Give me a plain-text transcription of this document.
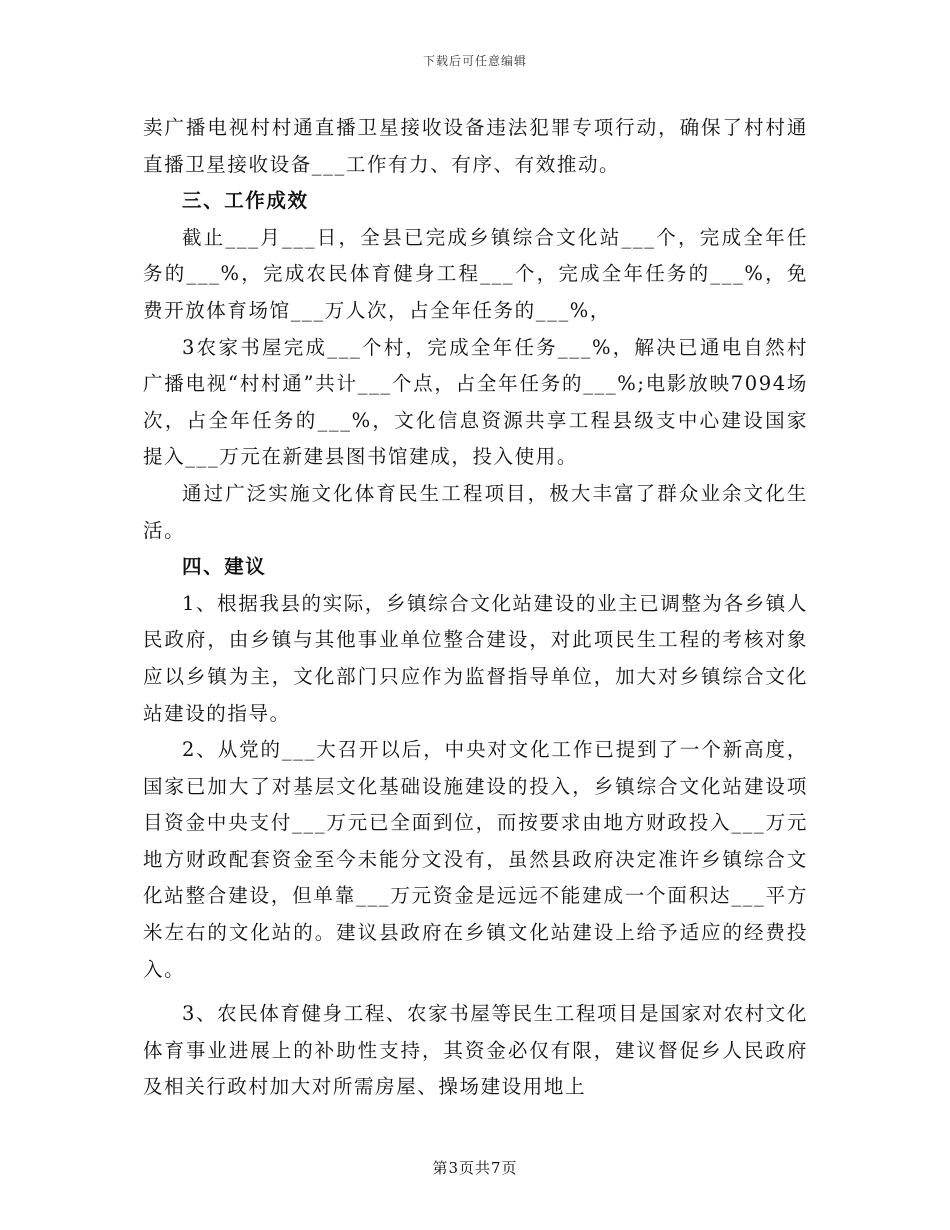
下载后可任意编辑

卖广播电视村村通直播卫星接收设备违法犯罪专项行动，确保了村村通直播卫星接收设备___工作有力、有序、有效推动。

三、工作成效

截止___月___日，全县已完成乡镇综合文化站___个，完成全年任务的___%，完成农民体育健身工程___个，完成全年任务的___%，免费开放体育场馆___万人次，占全年任务的___%，

3农家书屋完成___个村，完成全年任务___%，解决已通电自然村广播电视“村村通”共计___个点，占全年任务的___%;电影放映7094场次，占全年任务的___%，文化信息资源共享工程县级支中心建设国家提入___万元在新建县图书馆建成，投入使用。

通过广泛实施文化体育民生工程项目，极大丰富了群众业余文化生活。

四、建议

1、根据我县的实际，乡镇综合文化站建设的业主已调整为各乡镇人民政府，由乡镇与其他事业单位整合建设，对此项民生工程的考核对象应以乡镇为主，文化部门只应作为监督指导单位，加大对乡镇综合文化站建设的指导。

2、从党的___大召开以后，中央对文化工作已提到了一个新高度，国家已加大了对基层文化基础设施建设的投入，乡镇综合文化站建设项目资金中央支付___万元已全面到位，而按要求由地方财政投入___万元地方财政配套资金至今未能分文没有，虽然县政府决定准许乡镇综合文化站整合建设，但单靠___万元资金是远远不能建成一个面积达___平方米左右的文化站的。建议县政府在乡镇文化站建设上给予适应的经费投入。

3、农民体育健身工程、农家书屋等民生工程项目是国家对农村文化体育事业进展上的补助性支持，其资金必仅有限，建议督促乡人民政府及相关行政村加大对所需房屋、操场建设用地上

第3页共7页
